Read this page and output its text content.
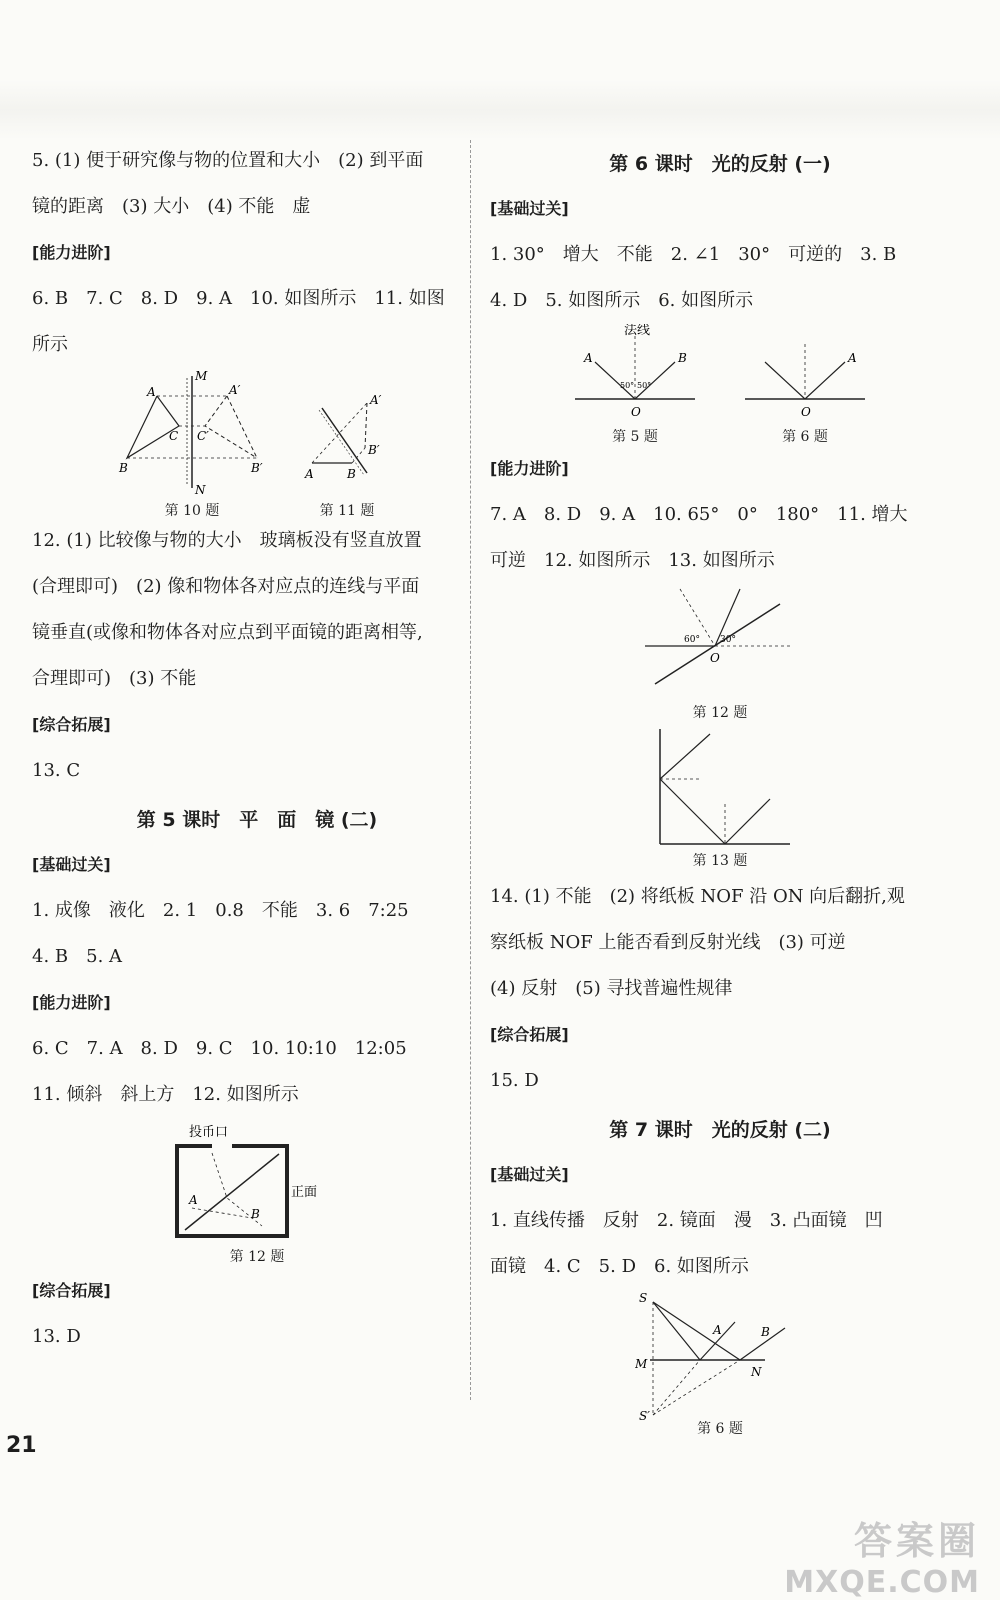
5. (1) 便于研究像与物的位置和大小　(2) 到平面

镜的距离　(3) 大小　(4) 不能　虚

[能力进阶]

6. B　7. C　8. D　9. A　10. 如图所示　11. 如图

所示

M
A	A′
C C′
B
N
B′
第 10 题
A′
B′
A	B
第 11 题

12. (1) 比较像与物的大小　玻璃板没有竖直放置

(合理即可)　(2) 像和物体各对应点的连线与平面

镜垂直(或像和物体各对应点到平面镜的距离相等,

合理即可)　(3) 不能

[综合拓展]

13. C

第 5 课时　平　面　镜 (二)

[基础过关]

1. 成像　液化　2. 1　0.8　不能　3. 6　7:25

4. B　5. A

[能力进阶]

6. C　7. A　8. D　9. C　10. 10:10　12:05

11. 倾斜　斜上方　12. 如图所示

投币口
正面
A
B
第 12 题

[综合拓展]

13. D

第 6 课时　光的反射 (一)

[基础过关]

1. 30°　增大　不能　2. ∠1　30°　可逆的　3. B

4. D　5. 如图所示　6. 如图所示

法线
A	B
50° 50°
O
第 5 题
A
O
第 6 题

[能力进阶]

7. A　8. D　9. A　10. 65°　0°　180°　11. 增大

可逆　12. 如图所示　13. 如图所示

60° 30°
O
第 12 题
第 13 题

14. (1) 不能　(2) 将纸板 NOF 沿 ON 向后翻折,观

察纸板 NOF 上能否看到反射光线　(3) 可逆

(4) 反射　(5) 寻找普遍性规律

[综合拓展]

15. D

第 7 课时　光的反射 (二)

[基础过关]

1. 直线传播　反射　2. 镜面　漫　3. 凸面镜　凹

面镜　4. C　5. D　6. 如图所示

S
A	B
M
N
S′
第 6 题
21
答案圈
MXQE.COM
